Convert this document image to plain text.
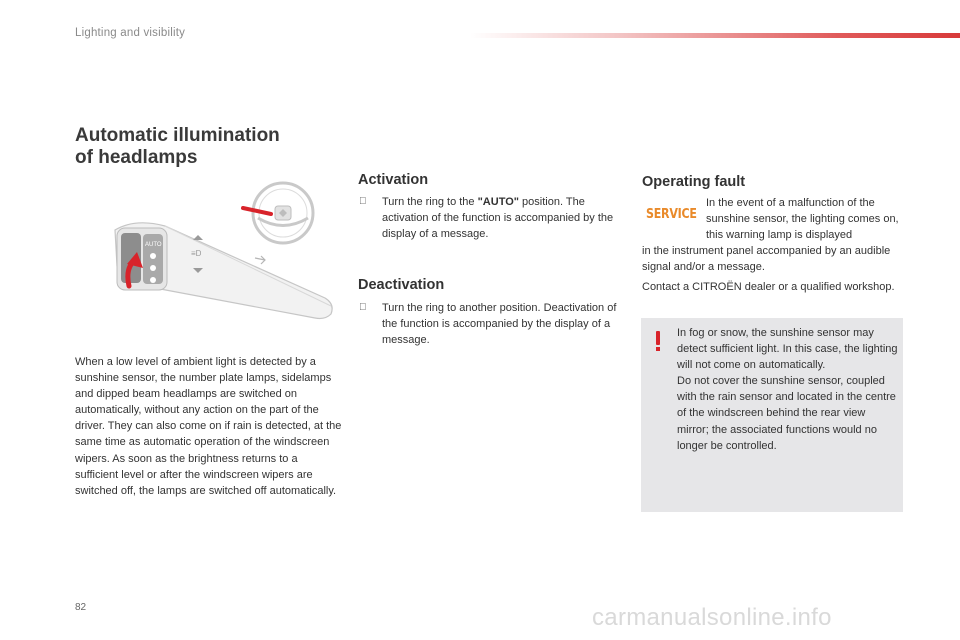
Lighting and visibility
Automatic illumination
of headlamps
AUTO
≡D
When a low level of ambient light is detected by a sunshine sensor, the number plate lamps, sidelamps and dipped beam headlamps are switched on automatically, without any action on the part of the driver. They can also come on if rain is detected, at the same time as automatic operation of the windscreen wipers. As soon as the brightness returns to a sufficient level or after the windscreen wipers are switched off, the lamps are switched off automatically.
Activation
Turn the ring to the "AUTO" position. The activation of the function is accompanied by the display of a message.
Deactivation
Turn the ring to another position. Deactivation of the function is accompanied by the display of a message.
Operating fault
SERVICE
In the event of a malfunction of the sunshine sensor, the lighting comes on, this warning lamp is displayed
in the instrument panel accompanied by an audible signal and/or a message.
Contact a CITROËN dealer or a qualified workshop.
In fog or snow, the sunshine sensor may detect sufficient light. In this case, the lighting will not come on automatically.
Do not cover the sunshine sensor, coupled with the rain sensor and located in the centre of the windscreen behind the rear view mirror; the associated functions would no longer be controlled.
82	carmanualsonline.info
